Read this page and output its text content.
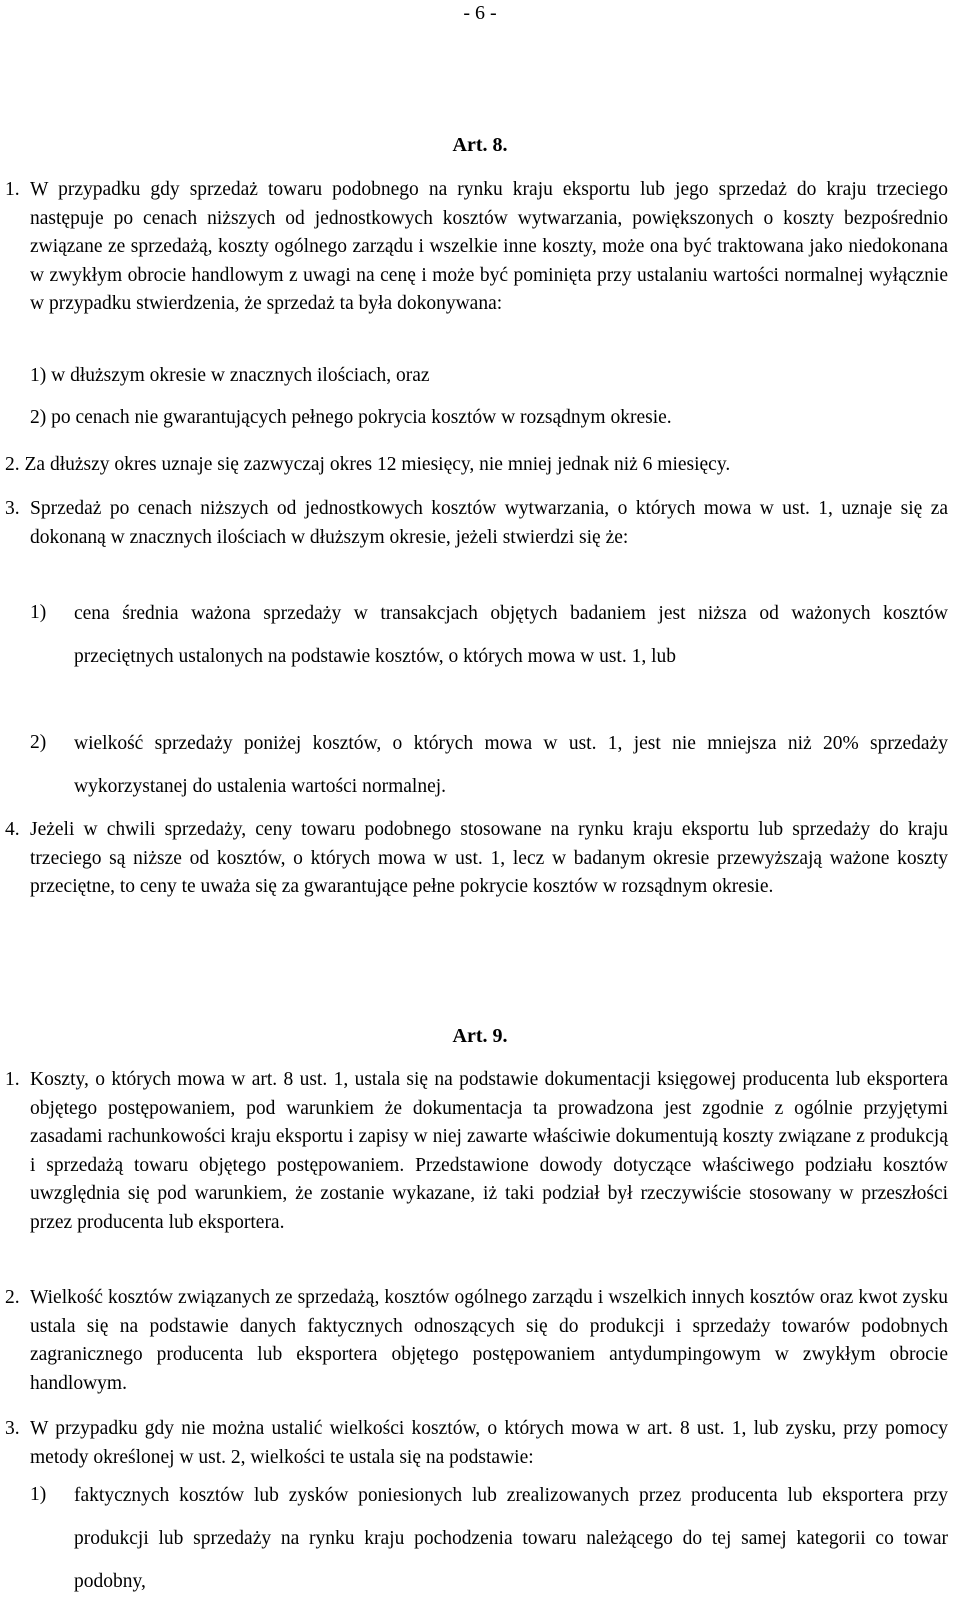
- 6 -
Art. 8.
1. W przypadku gdy sprzedaż towaru podobnego na rynku kraju eksportu lub jego sprzedaż do kraju trzeciego następuje po cenach niższych od jednostkowych kosztów wytwarzania, powiększonych o koszty bezpośrednio związane ze sprzedażą, koszty ogólnego zarządu i wszelkie inne koszty, może ona być traktowana jako niedokonana w zwykłym obrocie handlowym z uwagi na cenę i może być pominięta przy ustalaniu wartości normalnej wyłącznie w przypadku stwierdzenia, że sprzedaż ta była dokonywana:
1) w dłuższym okresie w znacznych ilościach, oraz
2) po cenach nie gwarantujących pełnego pokrycia kosztów w rozsądnym okresie.
2. Za dłuższy okres uznaje się zazwyczaj okres 12 miesięcy, nie mniej jednak niż 6 miesięcy.
3. Sprzedaż po cenach niższych od jednostkowych kosztów wytwarzania, o których mowa w ust. 1, uznaje się za dokonaną w znacznych ilościach w dłuższym okresie, jeżeli stwierdzi się że:
1) cena średnia ważona sprzedaży w transakcjach objętych badaniem jest niższa od ważonych kosztów przeciętnych ustalonych na podstawie kosztów, o których mowa w ust. 1, lub
2) wielkość sprzedaży poniżej kosztów, o których mowa w ust. 1, jest nie mniejsza niż 20% sprzedaży wykorzystanej do ustalenia wartości normalnej.
4. Jeżeli w chwili sprzedaży, ceny towaru podobnego stosowane na rynku kraju eksportu lub sprzedaży do kraju trzeciego są niższe od kosztów, o których mowa w ust. 1, lecz w badanym okresie przewyższają ważone koszty przeciętne, to ceny te uważa się za gwarantujące pełne pokrycie kosztów w rozsądnym okresie.
Art. 9.
1. Koszty, o których mowa w art. 8 ust. 1, ustala się na podstawie dokumentacji księgowej producenta lub eksportera objętego postępowaniem, pod warunkiem że dokumentacja ta prowadzona jest zgodnie z ogólnie przyjętymi zasadami rachunkowości kraju eksportu i zapisy w niej zawarte właściwie dokumentują koszty związane z produkcją i sprzedażą towaru objętego postępowaniem. Przedstawione dowody dotyczące właściwego podziału kosztów uwzględnia się pod warunkiem, że zostanie wykazane, iż taki podział był rzeczywiście stosowany w przeszłości przez producenta lub eksportera.
2. Wielkość kosztów związanych ze sprzedażą, kosztów ogólnego zarządu i wszelkich innych kosztów oraz kwot zysku ustala się na podstawie danych faktycznych odnoszących się do produkcji i sprzedaży towarów podobnych zagranicznego producenta lub eksportera objętego postępowaniem antydumpingowym w zwykłym obrocie handlowym.
3. W przypadku gdy nie można ustalić wielkości kosztów, o których mowa w art. 8 ust. 1, lub zysku, przy pomocy metody określonej w ust. 2, wielkości te ustala się na podstawie:
1) faktycznych kosztów lub zysków poniesionych lub zrealizowanych przez producenta lub eksportera przy produkcji lub sprzedaży na rynku kraju pochodzenia towaru należącego do tej samej kategorii co towar podobny,
